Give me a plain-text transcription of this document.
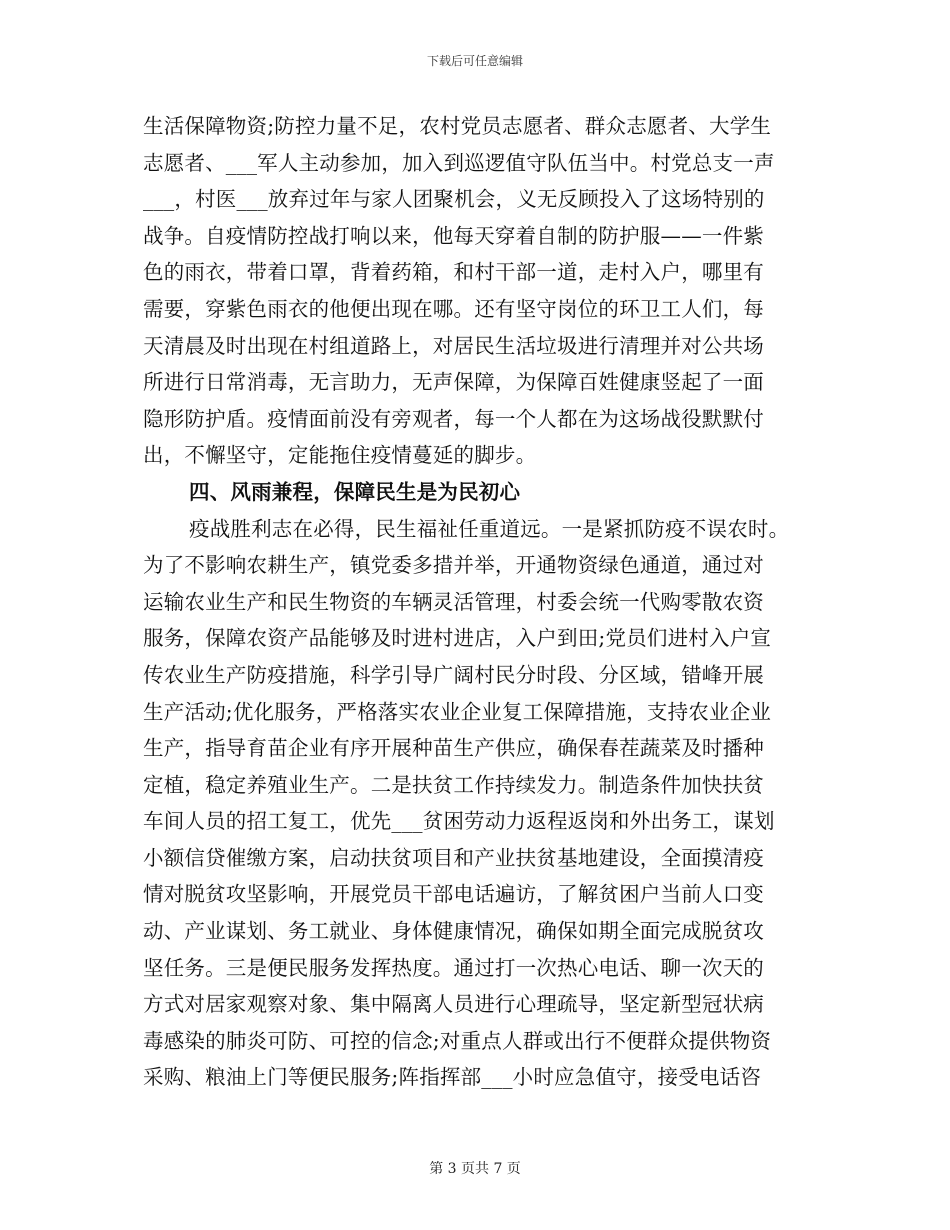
下载后可任意编辑
生活保障物资;防控力量不足，农村党员志愿者、群众志愿者、大学生
志愿者、___军人主动参加，加入到巡逻值守队伍当中。村党总支一声
___，村医___放弃过年与家人团聚机会，义无反顾投入了这场特别的
战争。自疫情防控战打响以来，他每天穿着自制的防护服——一件紫
色的雨衣，带着口罩，背着药箱，和村干部一道，走村入户，哪里有
需要，穿紫色雨衣的他便出现在哪。还有坚守岗位的环卫工人们，每
天清晨及时出现在村组道路上，对居民生活垃圾进行清理并对公共场
所进行日常消毒，无言助力，无声保障，为保障百姓健康竖起了一面
隐形防护盾。疫情面前没有旁观者，每一个人都在为这场战役默默付
出，不懈坚守，定能拖住疫情蔓延的脚步。
四、风雨兼程，保障民生是为民初心
疫战胜利志在必得，民生福祉任重道远。一是紧抓防疫不误农时。
为了不影响农耕生产，镇党委多措并举，开通物资绿色通道，通过对
运输农业生产和民生物资的车辆灵活管理，村委会统一代购零散农资
服务，保障农资产品能够及时进村进店，入户到田;党员们进村入户宣
传农业生产防疫措施，科学引导广阔村民分时段、分区域，错峰开展
生产活动;优化服务，严格落实农业企业复工保障措施，支持农业企业
生产，指导育苗企业有序开展种苗生产供应，确保春茬蔬菜及时播种
定植，稳定养殖业生产。二是扶贫工作持续发力。制造条件加快扶贫
车间人员的招工复工，优先___贫困劳动力返程返岗和外出务工，谋划
小额信贷催缴方案，启动扶贫项目和产业扶贫基地建设，全面摸清疫
情对脱贫攻坚影响，开展党员干部电话遍访，了解贫困户当前人口变
动、产业谋划、务工就业、身体健康情况，确保如期全面完成脱贫攻
坚任务。三是便民服务发挥热度。通过打一次热心电话、聊一次天的
方式对居家观察对象、集中隔离人员进行心理疏导，坚定新型冠状病
毒感染的肺炎可防、可控的信念;对重点人群或出行不便群众提供物资
采购、粮油上门等便民服务;阵指挥部___小时应急值守，接受电话咨
第 3 页共 7 页
